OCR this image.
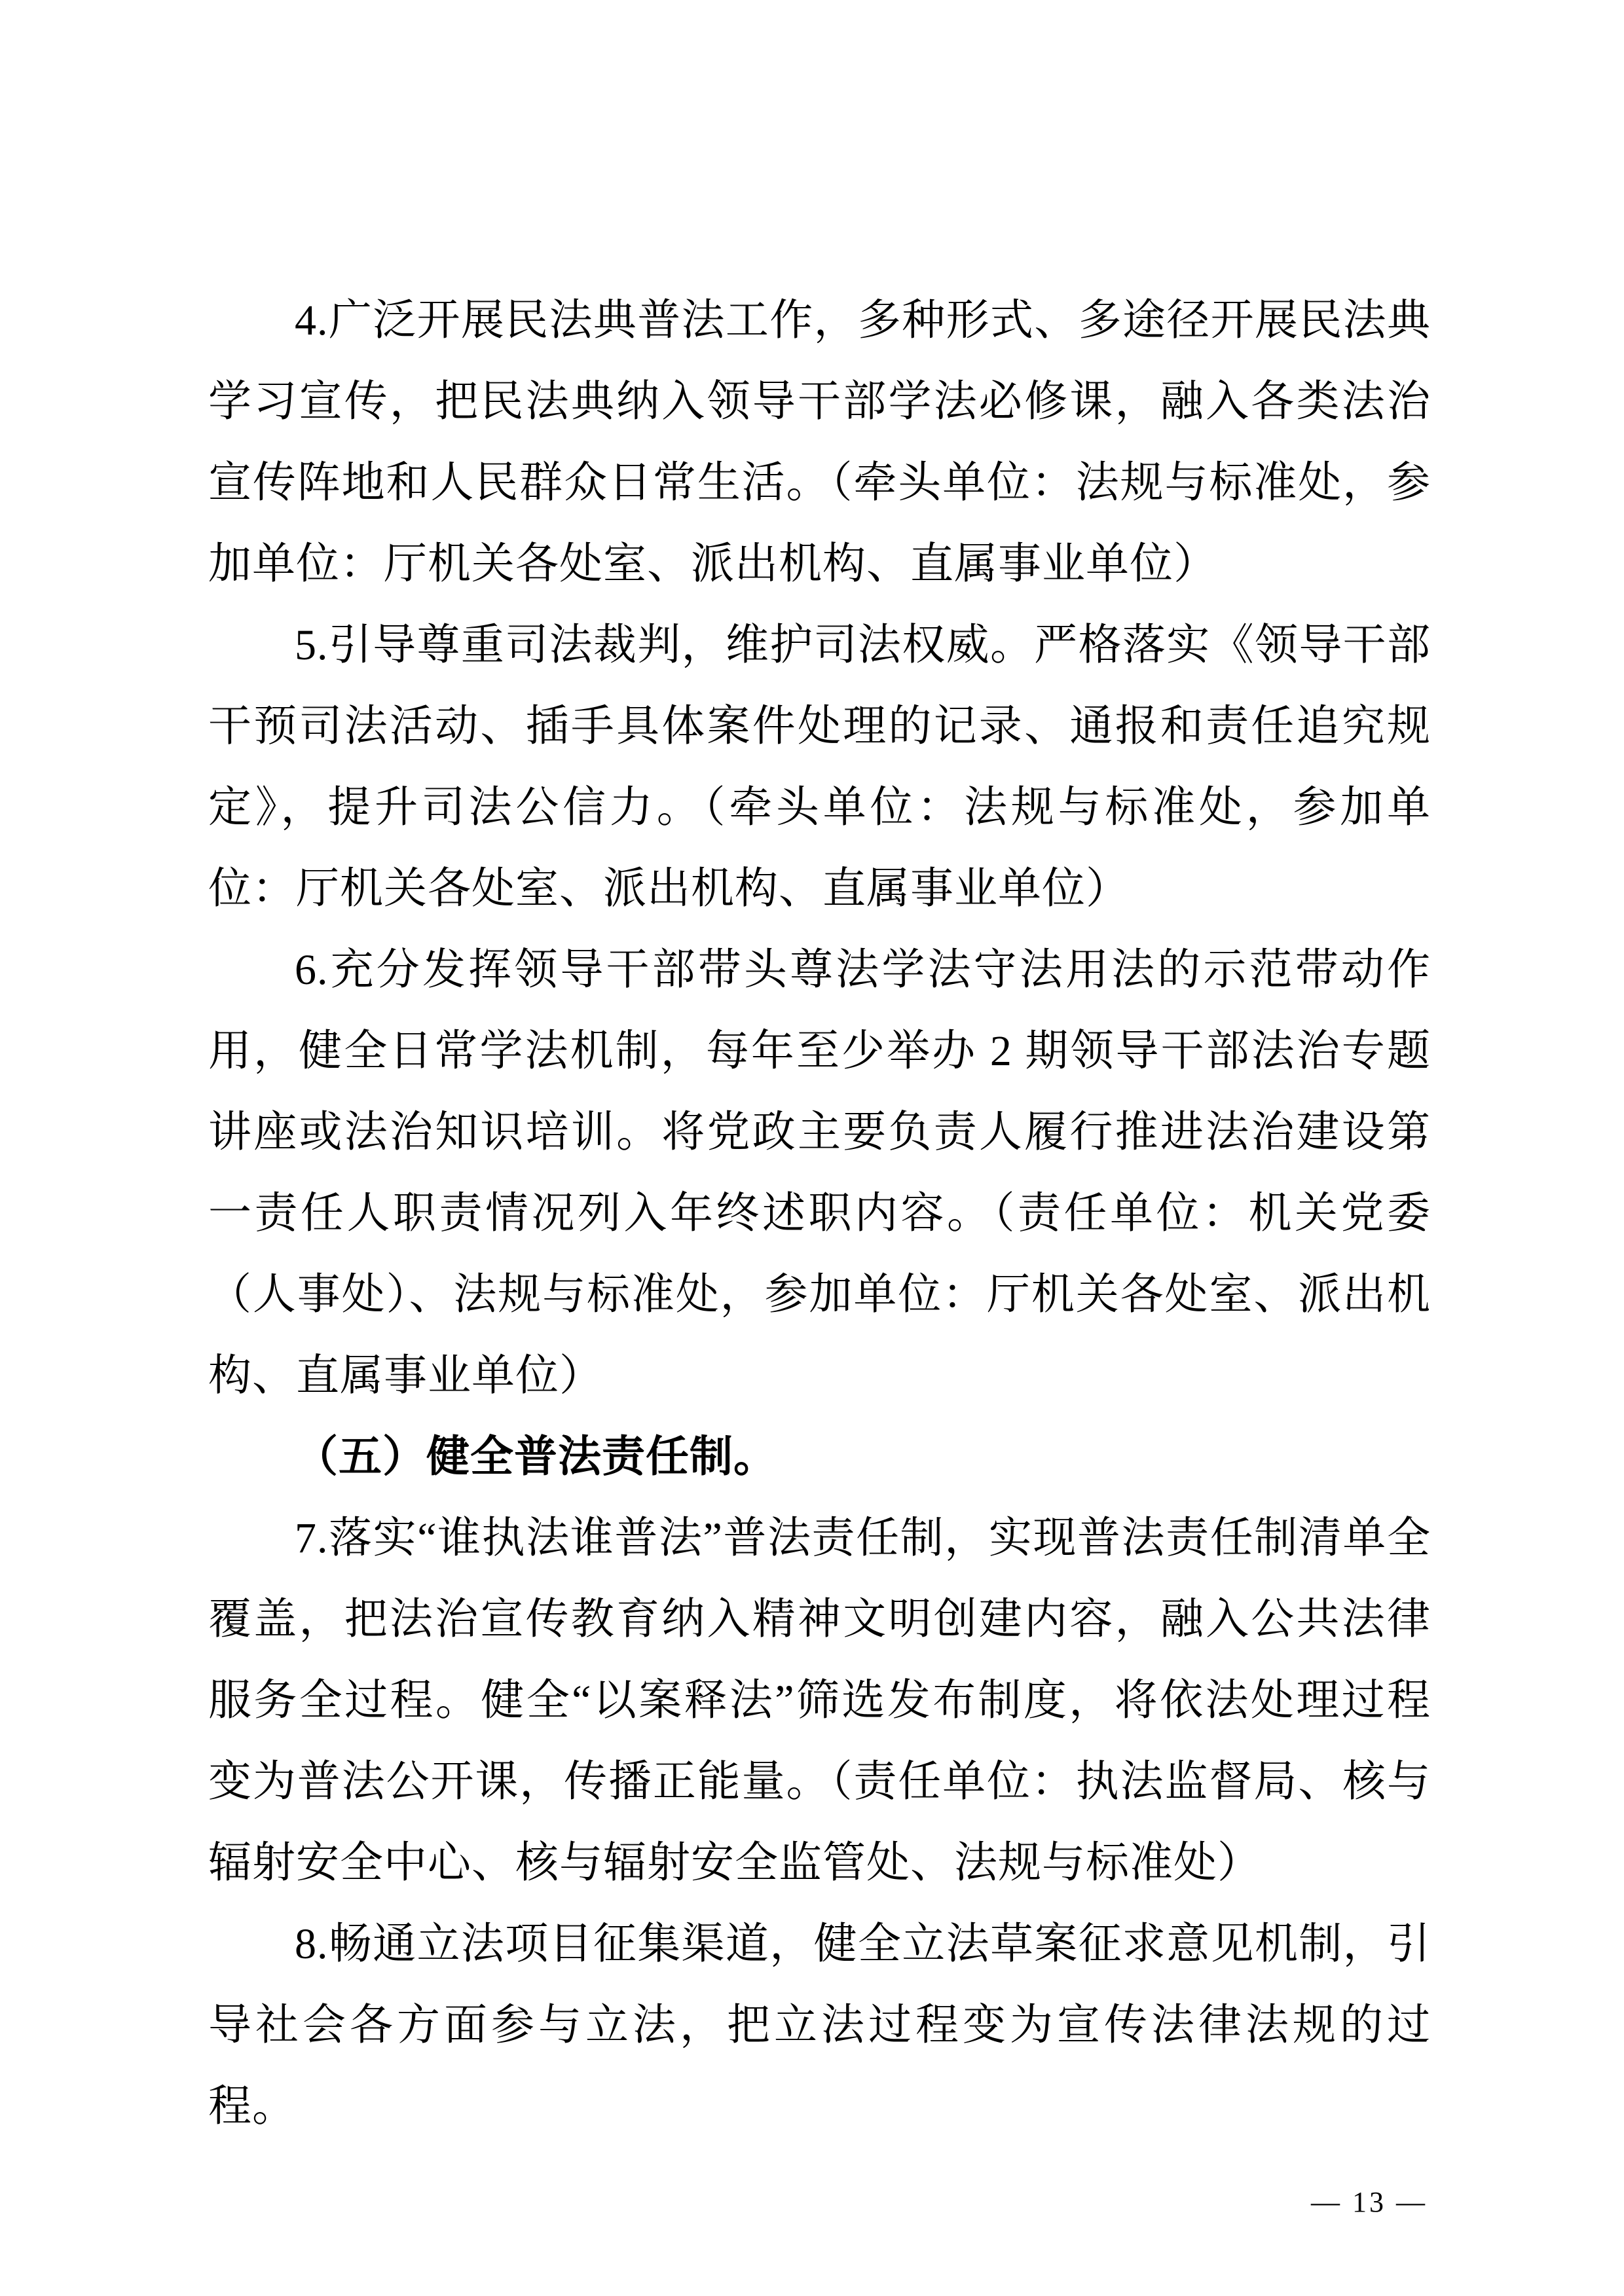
4.广泛开展民法典普法工作，多种形式、多途径开展民法典学习宣传，把民法典纳入领导干部学法必修课，融入各类法治宣传阵地和人民群众日常生活。（牵头单位：法规与标准处，参加单位：厅机关各处室、派出机构、直属事业单位）

5.引导尊重司法裁判，维护司法权威。严格落实《领导干部干预司法活动、插手具体案件处理的记录、通报和责任追究规定》，提升司法公信力。（牵头单位：法规与标准处，参加单位：厅机关各处室、派出机构、直属事业单位）

6.充分发挥领导干部带头尊法学法守法用法的示范带动作用，健全日常学法机制，每年至少举办 2 期领导干部法治专题讲座或法治知识培训。将党政主要负责人履行推进法治建设第一责任人职责情况列入年终述职内容。（责任单位：机关党委（人事处）、法规与标准处，参加单位：厅机关各处室、派出机构、直属事业单位）

（五）健全普法责任制。

7.落实“谁执法谁普法”普法责任制，实现普法责任制清单全覆盖，把法治宣传教育纳入精神文明创建内容，融入公共法律服务全过程。健全“以案释法”筛选发布制度，将依法处理过程变为普法公开课，传播正能量。（责任单位：执法监督局、核与辐射安全中心、核与辐射安全监管处、法规与标准处）

8.畅通立法项目征集渠道，健全立法草案征求意见机制，引导社会各方面参与立法，把立法过程变为宣传法律法规的过程。

— 13 —
